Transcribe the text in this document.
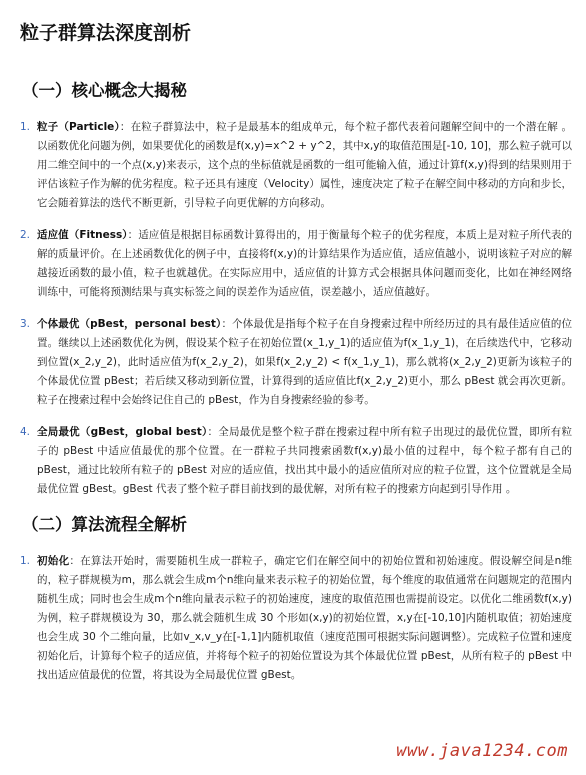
粒子群算法深度剖析
（一）核心概念大揭秘
1. 粒子（Particle）：在粒子群算法中，粒子是最基本的组成单元，每个粒子都代表着问题解空间中的一个潜在解 。以函数优化问题为例，如果要优化的函数是f(x,y)=x^2 + y^2，其中x,y的取值范围是[-10, 10]，那么粒子就可以用二维空间中的一个点(x,y)来表示，这个点的坐标值就是函数的一组可能输入值，通过计算f(x,y)得到的结果则用于评估该粒子作为解的优劣程度。粒子还具有速度（Velocity）属性，速度决定了粒子在解空间中移动的方向和步长，它会随着算法的迭代不断更新，引导粒子向更优解的方向移动。
2. 适应值（Fitness）：适应值是根据目标函数计算得出的，用于衡量每个粒子的优劣程度，本质上是对粒子所代表的解的质量评价。在上述函数优化的例子中，直接将f(x,y)的计算结果作为适应值，适应值越小，说明该粒子对应的解越接近函数的最小值，粒子也就越优。在实际应用中，适应值的计算方式会根据具体问题而变化，比如在神经网络训练中，可能将预测结果与真实标签之间的误差作为适应值，误差越小，适应值越好。
3. 个体最优（pBest，personal best）：个体最优是指每个粒子在自身搜索过程中所经历过的具有最佳适应值的位置。继续以上述函数优化为例，假设某个粒子在初始位置(x_1,y_1)的适应值为f(x_1,y_1)，在后续迭代中，它移动到位置(x_2,y_2)，此时适应值为f(x_2,y_2)，如果f(x_2,y_2) < f(x_1,y_1)，那么就将(x_2,y_2)更新为该粒子的个体最优位置 pBest；若后续又移动到新位置，计算得到的适应值比f(x_2,y_2)更小，那么 pBest 就会再次更新。粒子在搜索过程中会始终记住自己的 pBest，作为自身搜索经验的参考。
4. 全局最优（gBest，global best）：全局最优是整个粒子群在搜索过程中所有粒子出现过的最优位置，即所有粒子的 pBest 中适应值最优的那个位置。在一群粒子共同搜索函数f(x,y)最小值的过程中，每个粒子都有自己的 pBest，通过比较所有粒子的 pBest 对应的适应值，找出其中最小的适应值所对应的粒子位置，这个位置就是全局最优位置 gBest。gBest 代表了整个粒子群目前找到的最优解，对所有粒子的搜索方向起到引导作用 。
（二）算法流程全解析
1. 初始化：在算法开始时，需要随机生成一群粒子，确定它们在解空间中的初始位置和初始速度。假设解空间是n维的，粒子群规模为m，那么就会生成m个n维向量来表示粒子的初始位置，每个维度的取值通常在问题规定的范围内随机生成；同时也会生成m个n维向量表示粒子的初始速度，速度的取值范围也需提前设定。以优化二维函数f(x,y)为例，粒子群规模设为 30，那么就会随机生成 30 个形如(x,y)的初始位置，x,y在[-10,10]内随机取值；初始速度也会生成 30 个二维向量，比如v_x,v_y在[-1,1]内随机取值（速度范围可根据实际问题调整）。完成粒子位置和速度初始化后，计算每个粒子的适应值，并将每个粒子的初始位置设为其个体最优位置 pBest，从所有粒子的 pBest 中找出适应值最优的位置，将其设为全局最优位置 gBest。
www.java1234.com
